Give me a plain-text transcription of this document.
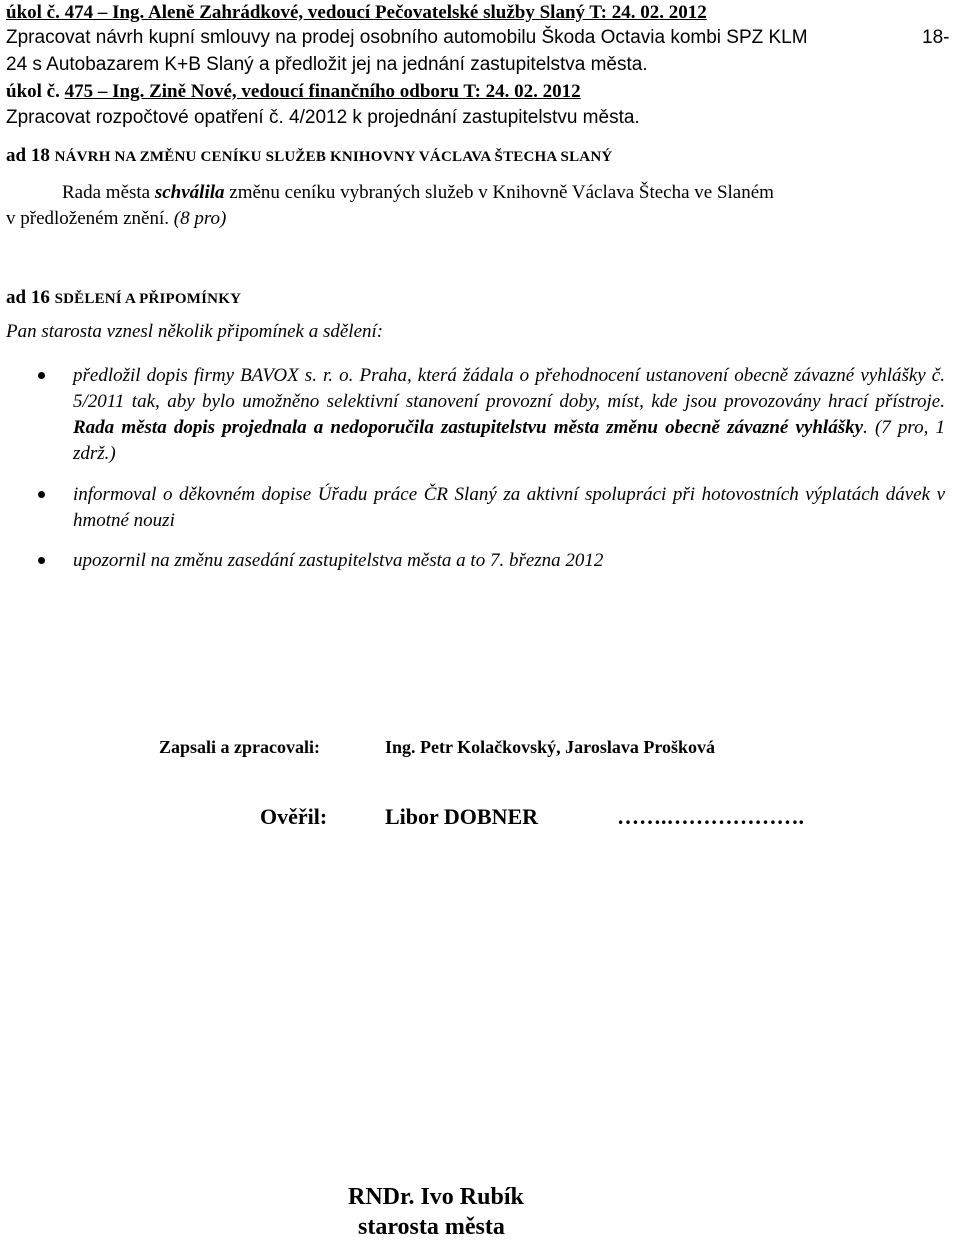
úkol č. 474 – Ing. Aleně Zahrádkové, vedoucí Pečovatelské služby Slaný T: 24. 02. 2012
Zpracovat návrh kupní smlouvy na prodej osobního automobilu Škoda Octavia kombi SPZ KLM	18-
24 s Autobazarem K+B Slaný a předložit jej na jednání zastupitelstva města.
úkol č. 475 – Ing. Zině Nové, vedoucí finančního odboru T: 24. 02. 2012
Zpracovat rozpočtové opatření č. 4/2012 k projednání zastupitelstvu města.
ad 18 NÁVRH NA ZMĚNU CENÍKU SLUŽEB KNIHOVNY VÁCLAVA ŠTECHA SLANÝ
Rada města schválila změnu ceníku vybraných služeb v Knihovně Václava Štecha ve Slaném
v předloženém znění. (8 pro)
ad 16 SDĚLENÍ A PŘIPOMÍNKY
Pan starosta vznesl několik připomínek a sdělení:
předložil dopis firmy BAVOX s. r. o. Praha, která žádala o přehodnocení ustanovení obecně závazné vyhlášky č. 5/2011 tak, aby bylo umožněno selektivní stanovení provozní doby, míst, kde jsou provozovány hrací přístroje. Rada města dopis projednala a nedoporučila zastupitelstvu města změnu obecně závazné vyhlášky. (7 pro, 1 zdrž.)
informoval o děkovném dopise Úřadu práce ČR Slaný za aktivní spolupráci při hotovostních výplatách dávek v hmotné nouzi
upozornil na změnu zasedání zastupitelstva města a to 7. března 2012
Zapsali a zpracovali:	Ing. Petr Kolačkovský, Jaroslava Prošková
Ověřil:	Libor DOBNER	…….……………….
RNDr. Ivo Rubík
starosta města
